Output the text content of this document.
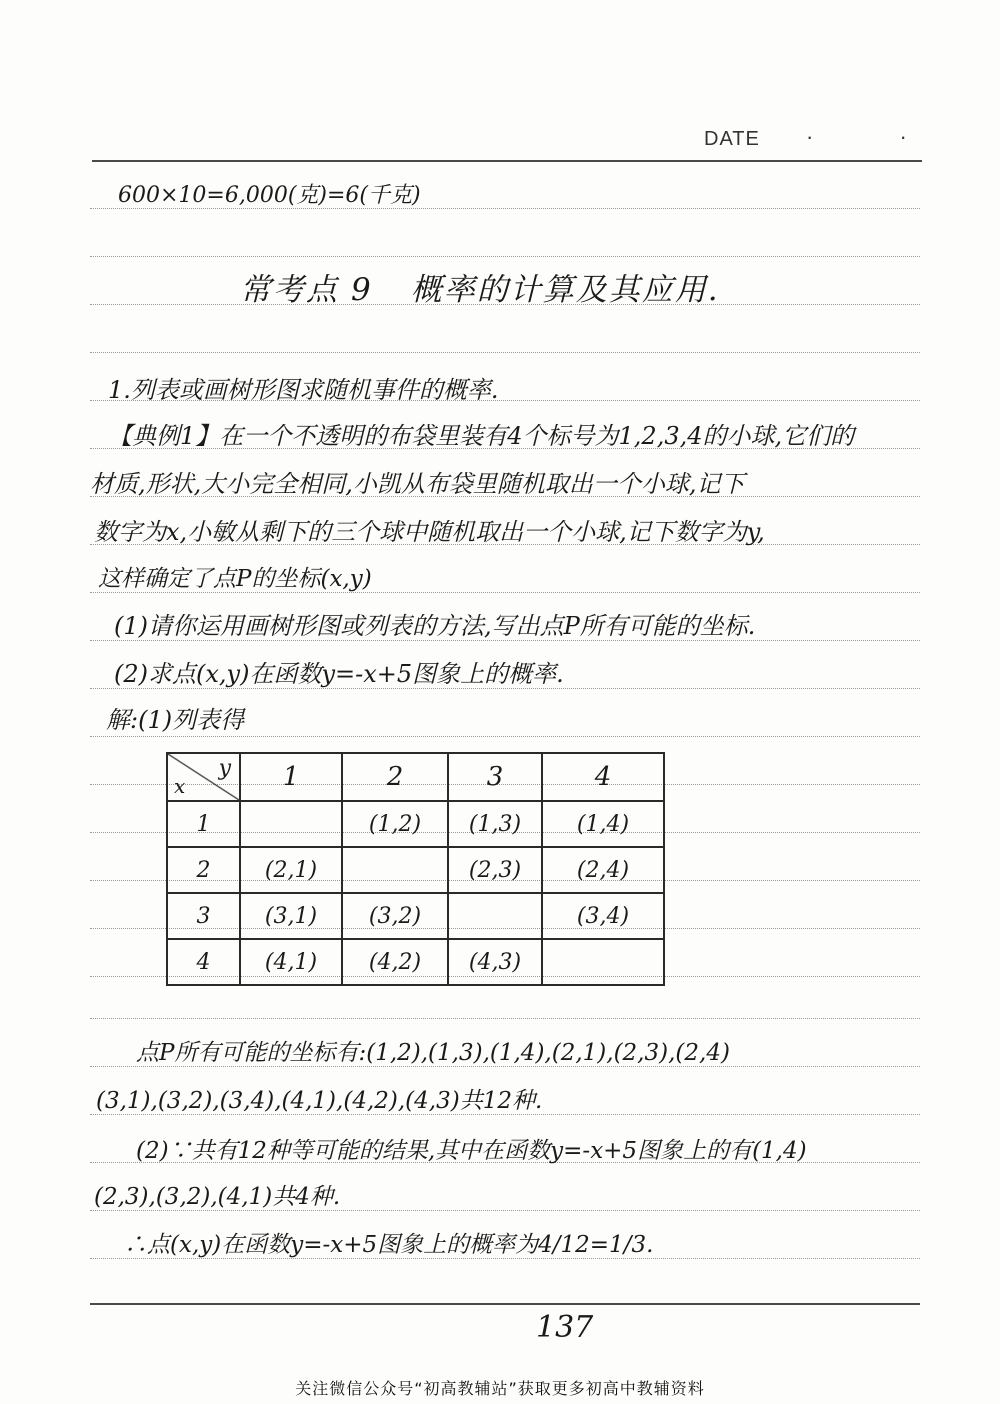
DATE · ·
600×10=6,000(克)=6(千克)
常考点 9 概率的计算及其应用.
1.列表或画树形图求随机事件的概率.
【典例1】在一个不透明的布袋里装有4个标号为1,2,3,4的小球,它们的
材质,形状,大小完全相同,小凯从布袋里随机取出一个小球,记下
数字为x,小敏从剩下的三个球中随机取出一个小球,记下数字为y,
这样确定了点P的坐标(x,y)
(1)请你运用画树形图或列表的方法,写出点P所有可能的坐标.
(2)求点(x,y)在函数y=-x+5图象上的概率.
解:(1)列表得
y
x	1	2	3	4
1		(1,2)	(1,3)	(1,4)
2	(2,1)		(2,3)	(2,4)
3	(3,1)	(3,2)		(3,4)
4	(4,1)	(4,2)	(4,3)	
点P所有可能的坐标有:(1,2),(1,3),(1,4),(2,1),(2,3),(2,4)
(3,1),(3,2),(3,4),(4,1),(4,2),(4,3)共12种.
(2)∵共有12种等可能的结果,其中在函数y=-x+5图象上的有(1,4)
(2,3),(3,2),(4,1)共4种.
∴点(x,y)在函数y=-x+5图象上的概率为4/12=1/3.
137
关注微信公众号“初高教辅站”获取更多初高中教辅资料
